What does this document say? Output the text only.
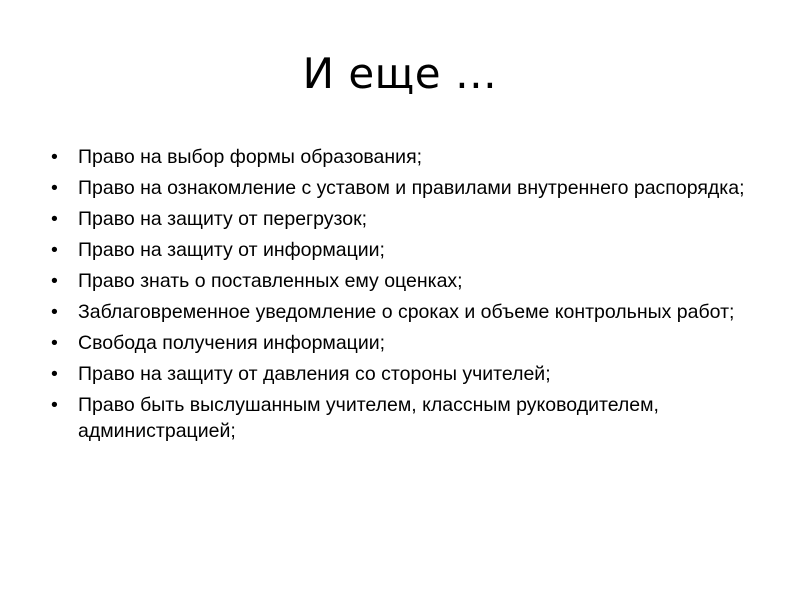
И еще …
• Право на выбор формы образования;
• Право на ознакомление с уставом и правилами внутреннего распорядка;
• Право на защиту от перегрузок;
• Право на защиту от информации;
• Право знать о поставленных ему оценках;
• Заблаговременное уведомление о сроках и объеме контрольных работ;
• Свобода получения информации;
• Право на защиту от давления со стороны учителей;
• Право быть выслушанным учителем, классным руководителем, администрацией;
